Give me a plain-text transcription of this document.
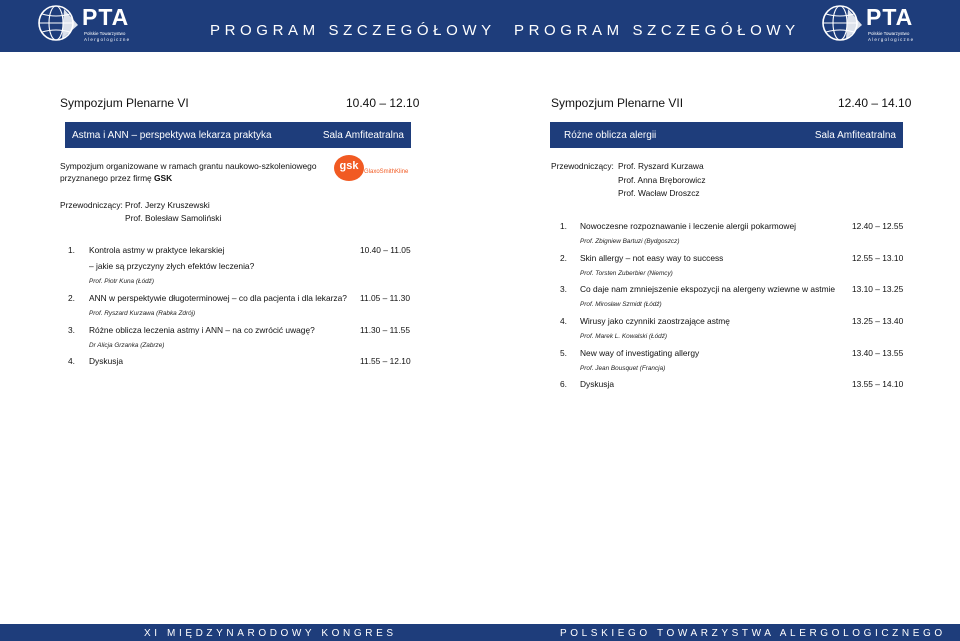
PTA
Polskie Towarzystwo
Alergologiczne
PROGRAM SZCZEGÓŁOWY PROGRAM SZCZEGÓŁOWY
PTA
Polskie Towarzystwo
Alergologiczne
Sympozjum Plenarne VI	10.40 – 12.10
Astma i ANN – perspektywa lekarza praktyka	Sala Amfiteatralna
Sympozjum organizowane w ramach grantu naukowo-szkoleniowego
przyznanego przez firmę GSK
gsk GlaxoSmithKline
Przewodniczący: Prof. Jerzy Kruszewski
Prof. Bolesław Samoliński
1. Kontrola astmy w praktyce lekarskiej	10.40 – 11.05
– jakie są przyczyny złych efektów leczenia?
Prof. Piotr Kuna (Łódź)
2. ANN w perspektywie długoterminowej – co dla pacjenta i dla lekarza? 11.05 – 11.30
Prof. Ryszard Kurzawa (Rabka Zdrój)
3. Różne oblicza leczenia astmy i ANN – na co zwrócić uwagę?	11.30 – 11.55
Dr Alicja Grzanka (Zabrze)
4. Dyskusja	11.55 – 12.10
Sympozjum Plenarne VII	12.40 – 14.10
Różne oblicza alergii	Sala Amfiteatralna
Przewodniczący: Prof. Ryszard Kurzawa
Prof. Anna Bręborowicz
Prof. Wacław Droszcz
1. Nowoczesne rozpoznawanie i leczenie alergii pokarmowej	12.40 – 12.55
Prof. Zbigniew Bartuzi (Bydgoszcz)
2. Skin allergy – not easy way to success	12.55 – 13.10
Prof. Torsten Zuberbier (Niemcy)
3. Co daje nam zmniejszenie ekspozycji na alergeny wziewne w astmie 13.10 – 13.25
Prof. Mirosław Szmidt (Łódź)
4. Wirusy jako czynniki zaostrzające astmę	13.25 – 13.40
Prof. Marek L. Kowalski (Łódź)
5. New way of investigating allergy	13.40 – 13.55
Prof. Jean Bousquet (Francja)
6. Dyskusja	13.55 – 14.10
XI MIĘDZYNARODOWY KONGRES	POLSKIEGO TOWARZYSTWA ALERGOLOGICZNEGO
